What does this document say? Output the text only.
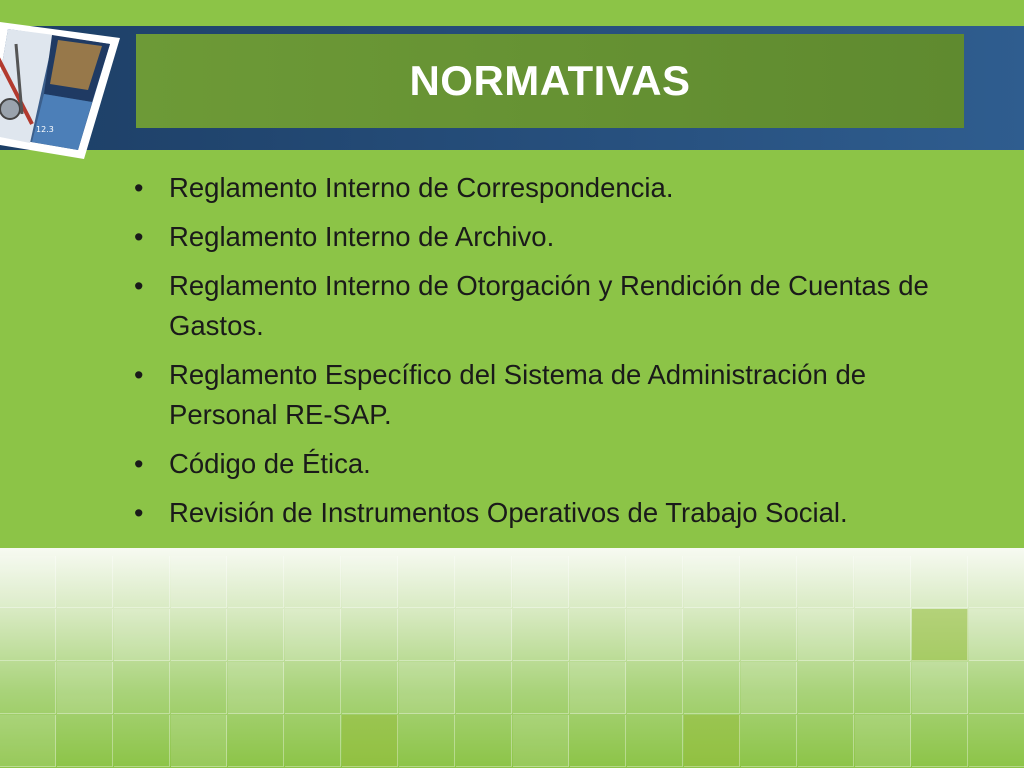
12.3
NORMATIVAS
• Reglamento Interno de Correspondencia.
• Reglamento Interno de Archivo.
• Reglamento Interno de Otorgación y Rendición de Cuentas de Gastos.
• Reglamento Específico del Sistema de Administración de Personal RE-SAP.
• Código de Ética.
• Revisión de Instrumentos Operativos de Trabajo Social.
